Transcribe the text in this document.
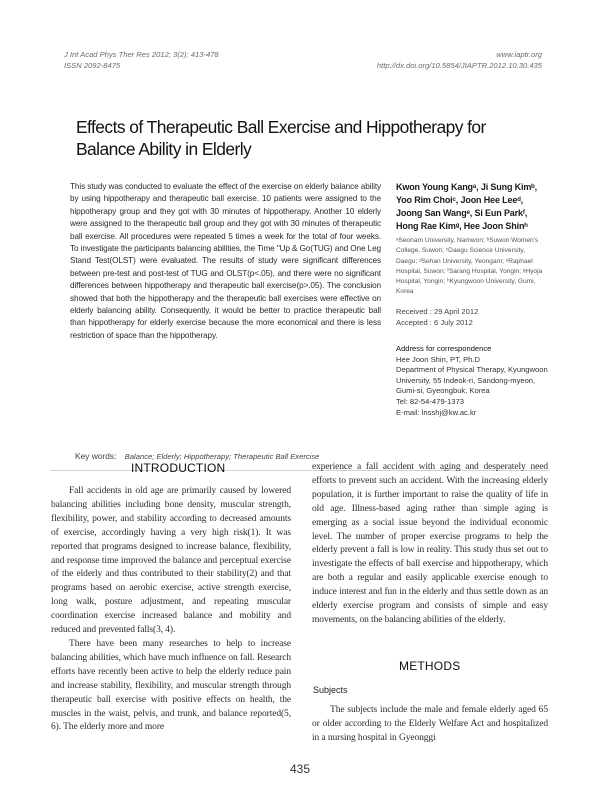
J Int Acad Phys Ther Res 2012; 3(2): 413-478
ISSN 2092-8475
www.iaptr.org
http://dx.doi.org/10.5854/JIAPTR.2012.10.30.435
Effects of Therapeutic Ball Exercise and Hippotherapy for Balance Ability in Elderly
This study was conducted to evaluate the effect of the exercise on elderly balance ability by using hippotherapy and therapeutic ball exercise. 10 patients were assigned to the hippotherapy group and they got with 30 minutes of hippotherapy. Another 10 elderly were assigned to the therapeutic ball group and they got with 30 minutes of therapeutic ball exercise. All procedures were repeated 5 times a week for the total of four weeks. To investigate the participants balancing abilities, the Time "Up & Go(TUG) and One Leg Stand Test(OLST) were evaluated. The results of study were significant differences between pre-test and post-test of TUG and OLST(p<.05), and there were no significant differences between hippotherapy and therapeutic ball exercise(p>.05). The conclusion showed that both the hippotherapy and the therapeutic ball exercises were effective on elderly balancing ability. Consequently, it would be better to practice therapeutic ball than hippotherapy for elderly exercise because the more economical and there is less restriction of space than the hippotherapy.
Kwon Young Kangᵃ, Ji Sung Kimᵇ, Yoo Rim Choiᶜ, Joon Hee Leeᵈ, Joong San Wangᵉ, Si Eun Parkᶠ, Hong Rae Kimᵍ, Hee Joon Shinʰ
ᵃSeonam University, Namwon; ᵇSuwon Women's College, Suwon; ᶜDaegu Science University, Daegu; ᵈSehan University, Yeongam; ᵉRaphael Hospital, Suwon; ᶠSarang Hospital, Yongin; ᵍHyoja Hospital, Yongin; ʰKyungwoon University, Gumi, Korea
Received : 29 April 2012
Accepted : 6 July 2012
Address for correspondence
Hee Joon Shin, PT, Ph.D
Department of Physical Therapy, Kyungwoon University, 55 Indeok-ri, Sandong-myeon, Gumi-si, Gyeongbuk, Korea
Tel: 82-54-479-1373
E-mail: lnsshj@kw.ac.kr
Key words: Balance; Elderly; Hippotherapy; Therapeutic Ball Exercise
INTRODUCTION

Fall accidents in old age are primarily caused by lowered balancing abilities including bone density, muscular strength, flexibility, power, and stability according to decreased amounts of exercise, accordingly having a very high risk(1). It was reported that programs designed to increase balance, flexibility, and response time improved the balance and perceptual exercise of the elderly and thus contributed to their stability(2) and that programs based on aerobic exercise, active strength exercise, long walk, posture adjustment, and repeating muscular coordination exercise increased balance and mobility and reduced and prevented falls(3, 4).

There have been many researches to help to increase balancing abilities, which have much influence on fall. Research efforts have recently been active to help the elderly reduce pain and increase stability, flexibility, and muscular strength through therapeutic ball exercise with positive effects on health, the muscles in the waist, pelvis, and trunk, and balance reported(5, 6). The elderly more and more

experience a fall accident with aging and desperately need efforts to prevent such an accident. With the increasing elderly population, it is further important to raise the quality of life in old age. Illness-based aging rather than simple aging is emerging as a social issue beyond the individual economic level. The number of proper exercise programs to help the elderly prevent a fall is low in reality. This study thus set out to investigate the effects of ball exercise and hippotherapy, which are both a regular and easily applicable exercise enough to induce interest and fun in the elderly and thus settle down as an elderly exercise program and consists of simple and easy movements, on the balancing abilities of the elderly.

METHODS
Subjects

The subjects include the male and female elderly aged 65 or older according to the Elderly Welfare Act and hospitalized in a nursing hospital in Gyeonggi

435
